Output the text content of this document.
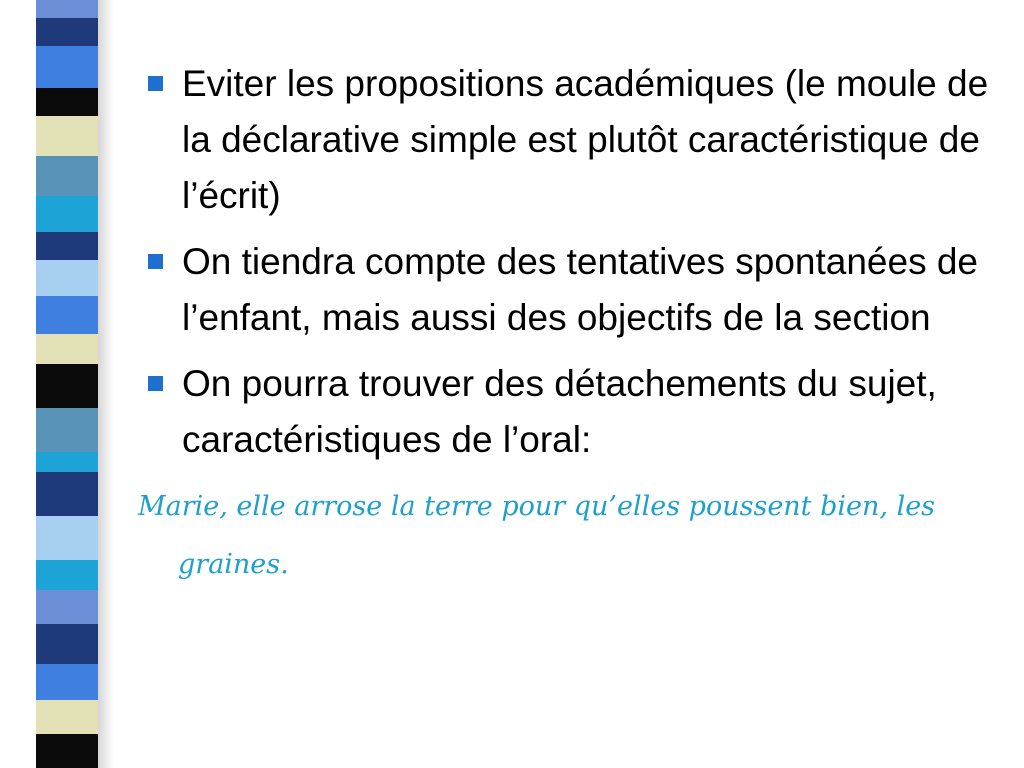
Eviter les propositions académiques (le moule de la déclarative simple est plutôt caractéristique de l’écrit)
On tiendra compte des tentatives spontanées de l’enfant, mais aussi des objectifs de la section
On pourra trouver des détachements du sujet, caractéristiques de l’oral:
Marie, elle arrose la terre pour qu’elles poussent bien, les graines.
